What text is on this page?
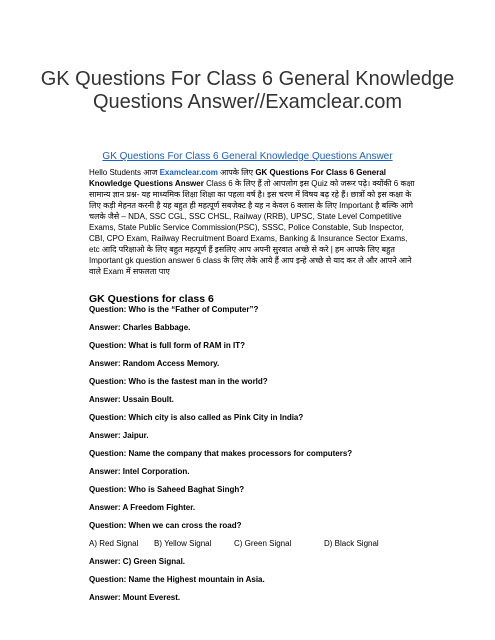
GK Questions For Class 6 General Knowledge Questions Answer//Examclear.com
GK Questions For Class 6 General Knowledge Questions Answer

Hello Students आज Examclear.com आपके लिए GK Questions For Class 6 General Knowledge Questions Answer Class 6 के लिए हैं तो आपलोग इस Quiz को जरूर पढ़े। क्योंकी 6 कक्षा सामान्य ज्ञान प्रश्न- यह माध्यमिक शिक्षा शिक्षा का पहला वर्ष है। इस चरण में विषय बढ़ रहे हैं। छात्रों को इस कक्षा के लिए कड़ी मेहनत करनी है यह बहुत ही महत्पूर्ण सबजेक्ट है यह न केवल 6 क्लास के लिए Important है बल्कि आगे चलके जैसे – NDA, SSC CGL, SSC CHSL, Railway (RRB), UPSC, State Level Competitive Exams, State Public Service Commission(PSC), SSSC, Police Constable, Sub Inspector, CBI, CPO Exam, Railway Recruitment Board Exams, Banking & Insurance Sector Exams, etc आदि परिक्षाओ के लिए बहुत महत्पूर्ण हैं इसलिए आप अपनी सुरवात अच्छे से करे | हम आपके लिए बहुत Important gk question answer 6 class के लिए लेके आये हैं आप इन्हे अच्छे से याद कर ले और आपने आने वाले Exam में सफलता पाए

GK Questions for class 6

Question: Who is the “Father of Computer”?

Answer: Charles Babbage.

Question: What is full form of RAM in IT?

Answer: Random Access Memory.

Question: Who is the fastest man in the world?

Answer: Ussain Boult.

Question: Which city is also called as Pink City in India?

Answer: Jaipur.

Question: Name the company that makes processors for computers?

Answer: Intel Corporation.

Question: Who is Saheed Baghat Singh?

Answer: A Freedom Fighter.

Question: When we can cross the road?

A) Red Signal B) Yellow Signal	C) Green Signal	D) Black Signal

Answer: C) Green Signal.

Question: Name the Highest mountain in Asia.

Answer: Mount Everest.
